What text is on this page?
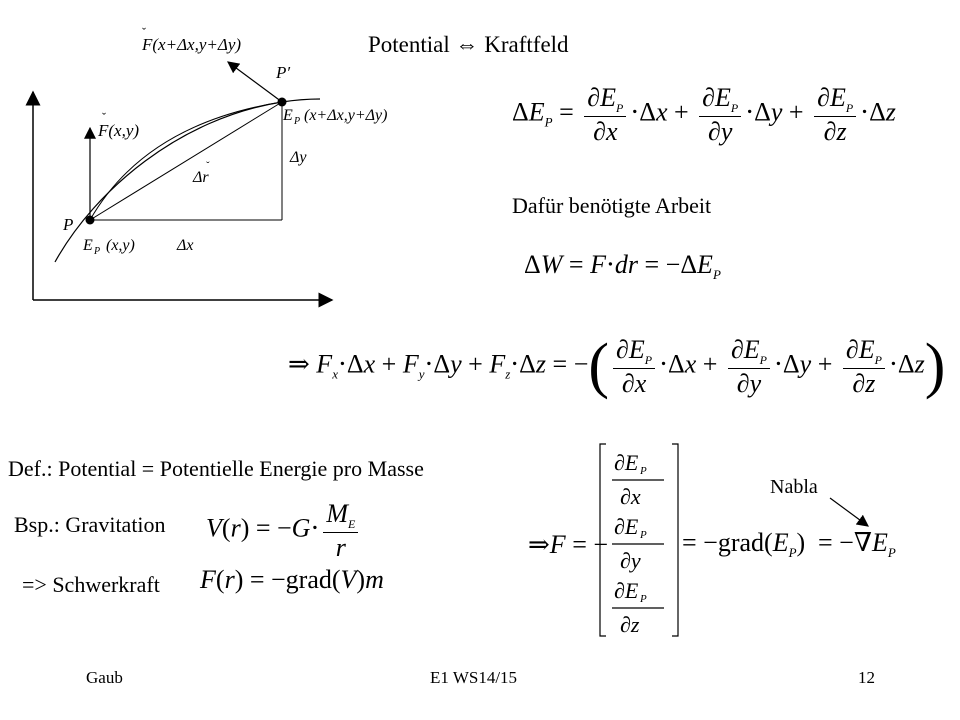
Potential ⇔ Kraftfeld
F(x+Δx,y+Δy)
ˇ
P′
E P (x+Δx,y+Δy)
F(x,y)
ˇ
Δr
ˇ	Δy
P
E P (x,y)	Δx
$\Delta E_P = \frac{\partial E_P}{\partial x} \cdot\Delta x + \frac{\partial E_P}{\partial y} \cdot\Delta y + \frac{\partial E_P}{\partial z} \cdot\Delta z$
Dafür benötigte Arbeit
$\Delta W = F\cdot dr = -\Delta E_P$
⇒ $F_x\cdot\Delta x + F_y\cdot\Delta y + F_z\cdot\Delta z$ = −( $\frac{\partial E_P}{\partial x} \cdot\Delta x + \frac{\partial E_P}{\partial y} \cdot\Delta y + \frac{\partial E_P}{\partial z} \cdot\Delta z$)
Def.: Potential = Potentielle Energie pro Masse
Bsp.: Gravitation $V(r) = -G\cdot \frac{M_E}{r}$
=> Schwerkraft F(r) = −grad(V)m
⇒F = −
∂E P
∂x
∂E P
∂y
∂E P
∂z
= $-grad(E_P) = -\nabla E_P$
Nabla
Gaub	E1 WS14/15	12
